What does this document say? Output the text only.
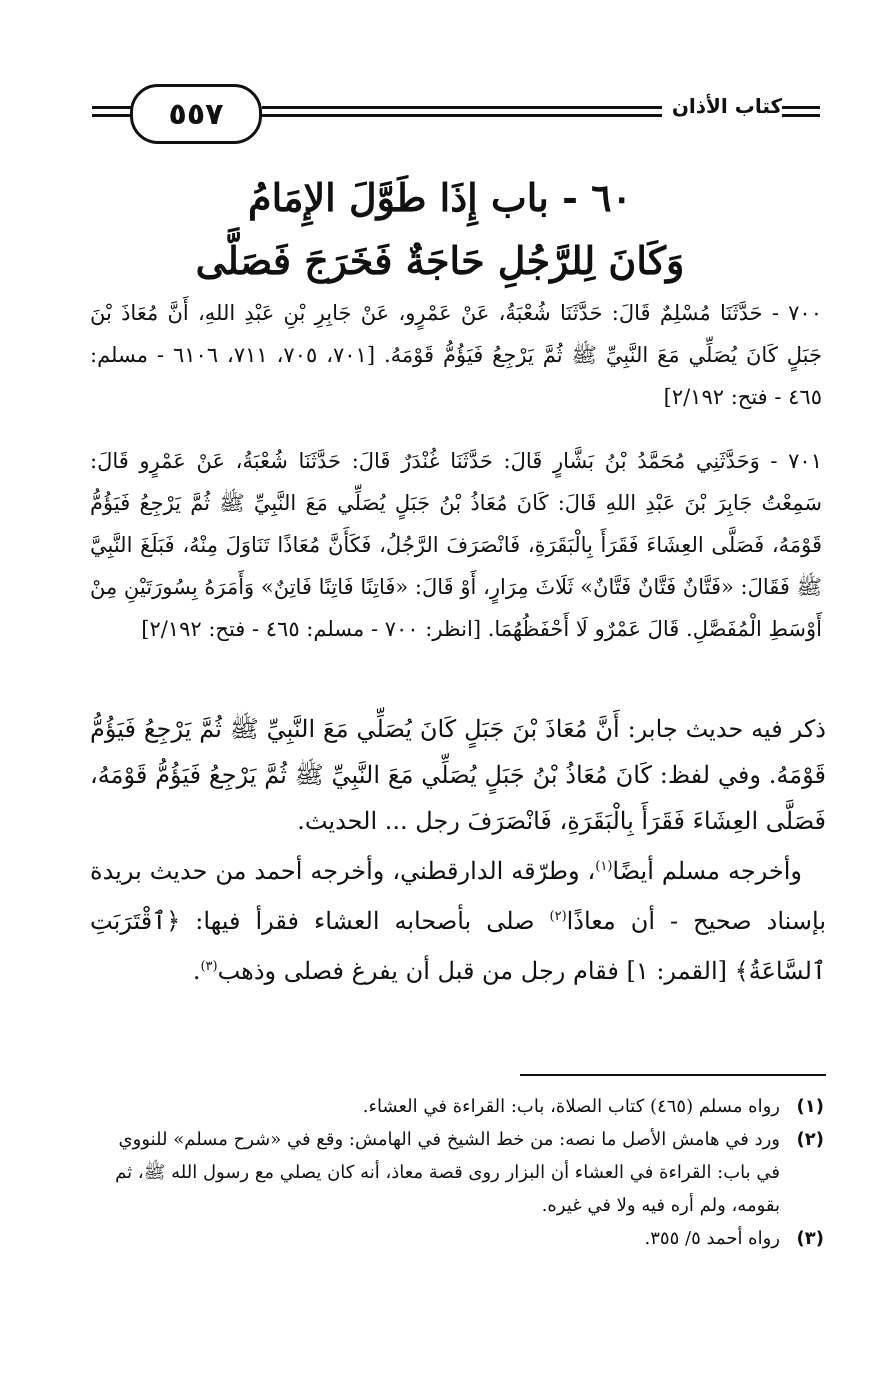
٥٥٧	كتاب الأذان
٦٠ - باب إِذَا طَوَّلَ الإِمَامُ
وَكَانَ لِلرَّجُلِ حَاجَةٌ فَخَرَجَ فَصَلَّى
٧٠٠ - حَدَّثَنَا مُسْلِمٌ قَالَ: حَدَّثَنَا شُعْبَةُ، عَنْ عَمْرٍو، عَنْ جَابِرِ بْنِ عَبْدِ اللهِ، أَنَّ مُعَاذَ بْنَ جَبَلٍ كَانَ يُصَلِّي مَعَ النَّبِيِّ ﷺ ثُمَّ يَرْجِعُ فَيَؤُمُّ قَوْمَهُ. [٧٠١، ٧٠٥، ٧١١، ٦١٠٦ - مسلم: ٤٦٥ - فتح: ٢/١٩٢]
٧٠١ - وَحَدَّثَنِي مُحَمَّدُ بْنُ بَشَّارٍ قَالَ: حَدَّثَنَا غُنْدَرٌ قَالَ: حَدَّثَنَا شُعْبَةُ، عَنْ عَمْرٍو قَالَ: سَمِعْتُ جَابِرَ بْنَ عَبْدِ اللهِ قَالَ: كَانَ مُعَاذُ بْنُ جَبَلٍ يُصَلِّي مَعَ النَّبِيِّ ﷺ ثُمَّ يَرْجِعُ فَيَؤُمُّ قَوْمَهُ، فَصَلَّى العِشَاءَ فَقَرَأَ بِالْبَقَرَةِ، فَانْصَرَفَ الرَّجُلُ، فَكَأَنَّ مُعَاذًا تَنَاوَلَ مِنْهُ، فَبَلَغَ النَّبِيَّ ﷺ فَقَالَ: «فَتَّانٌ فَتَّانٌ فَتَّانٌ» ثَلَاثَ مِرَارٍ، أَوْ قَالَ: «فَاتِنًا فَاتِنًا فَاتِنٌ» وَأَمَرَهُ بِسُورَتَيْنِ مِنْ أَوْسَطِ الْمُفَصَّلِ. قَالَ عَمْرٌو لَا أَحْفَظُهُمَا. [انظر: ٧٠٠ - مسلم: ٤٦٥ - فتح: ٢/١٩٢]

ذكر فيه حديث جابر: أَنَّ مُعَاذَ بْنَ جَبَلٍ كَانَ يُصَلِّي مَعَ النَّبِيِّ ﷺ ثُمَّ يَرْجِعُ فَيَؤُمُّ قَوْمَهُ. وفي لفظ: كَانَ مُعَاذُ بْنُ جَبَلٍ يُصَلِّي مَعَ النَّبِيِّ ﷺ ثُمَّ يَرْجِعُ فَيَؤُمُّ قَوْمَهُ، فَصَلَّى العِشَاءَ فَقَرَأَ بِالْبَقَرَةِ، فَانْصَرَفَ رجل ... الحديث.

وأخرجه مسلم أيضًا$^{(١)}$، وطرّقه الدارقطني، وأخرجه أحمد من حديث بريدة بإسناد صحيح - أن معاذًا$^{(٢)}$ صلى بأصحابه العشاء فقرأ فيها: ﴿ٱقْتَرَبَتِ ٱلسَّاعَةُ﴾ [القمر: ١] فقام رجل من قبل أن يفرغ فصلى وذهب$^{(٣)}$.

(١)
رواه مسلم (٤٦٥) كتاب الصلاة، باب: القراءة في العشاء.
(٢)
ورد في هامش الأصل ما نصه: من خط الشيخ في الهامش: وقع في «شرح مسلم» للنووي في باب: القراءة في العشاء أن البزار روى قصة معاذ، أنه كان يصلي مع رسول الله ﷺ، ثم بقومه، ولم أره فيه ولا في غيره.
(٣)
رواه أحمد ٥/ ٣٥٥.
